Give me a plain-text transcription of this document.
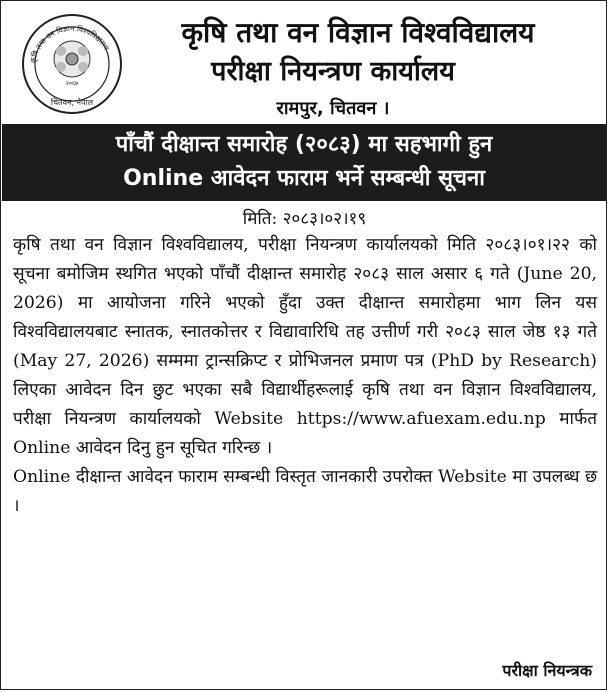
२०६७
चितवन, नेपाल
कृषि तथा वन विज्ञान विश्वविद्यालय	कृषि तथा वन विज्ञान विश्वविद्यालय
परीक्षा नियन्त्रण कार्यालय
रामपुर, चितवन ।
पाँचौं दीक्षान्त समारोह (२०८३) मा सहभागी हुन
Online आवेदन फाराम भर्ने सम्बन्धी सूचना
मिति: २०८३।०२।१९

कृषि तथा वन विज्ञान विश्वविद्यालय, परीक्षा नियन्त्रण कार्यालयको मिति २०८३।०१।२२ को सूचना बमोजिम स्थगित भएको पाँचौं दीक्षान्त समारोह २०८३ साल असार ६ गते (June 20, 2026) मा आयोजना गरिने भएको हुँदा उक्त दीक्षान्त समारोहमा भाग लिन यस विश्वविद्यालयबाट स्नातक, स्नातकोत्तर र विद्यावारिधि तह उत्तीर्ण गरी २०८३ साल जेष्ठ १३ गते (May 27, 2026) सम्ममा ट्रान्सक्रिप्ट र प्रोभिजनल प्रमाण पत्र (PhD by Research) लिएका आवेदन दिन छुट भएका सबै विद्यार्थीहरूलाई कृषि तथा वन विज्ञान विश्वविद्यालय, परीक्षा नियन्त्रण कार्यालयको Website https://www.afuexam.edu.np मार्फत Online आवेदन दिनु हुन सूचित गरिन्छ ।

Online दीक्षान्त आवेदन फाराम सम्बन्धी विस्तृत जानकारी उपरोक्त Website मा उपलब्ध छ ।

परीक्षा नियन्त्रक
